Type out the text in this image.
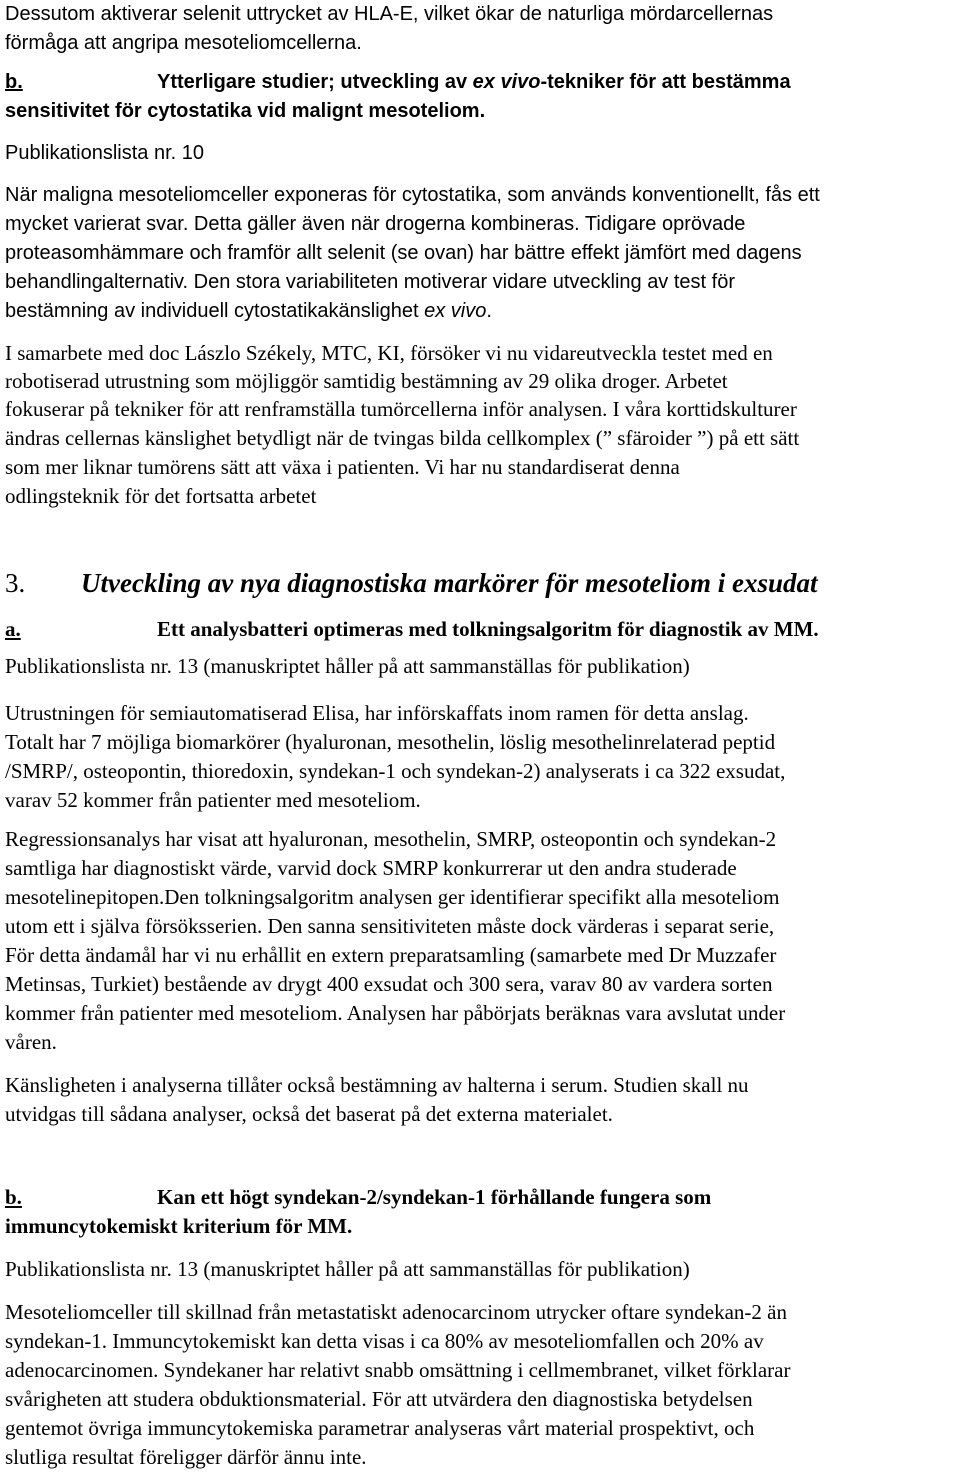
Dessutom aktiverar selenit uttrycket av HLA-E, vilket ökar de naturliga mördarcellernas
förmåga att angripa mesoteliomcellerna.
b.	Ytterligare studier; utveckling av ex vivo-tekniker för att bestämma
sensitivitet för cytostatika vid malignt mesoteliom.
Publikationslista nr. 10
När maligna mesoteliomceller exponeras för cytostatika, som används konventionellt, fås ett
mycket varierat svar. Detta gäller även när drogerna kombineras. Tidigare oprövade
proteasomhämmare och framför allt selenit (se ovan) har bättre effekt jämfört med dagens
behandlingalternativ. Den stora variabiliteten motiverar vidare utveckling av test för
bestämning av individuell cytostatikakänslighet ex vivo.
I samarbete med doc Lászlo Székely, MTC, KI, försöker vi nu vidareutveckla testet med en
robotiserad utrustning som möjliggör samtidig bestämning av 29 olika droger. Arbetet
fokuserar på tekniker för att renframställa tumörcellerna inför analysen. I våra korttidskulturer
ändras cellernas känslighet betydligt när de tvingas bilda cellkomplex (” sfäroider ”) på ett sätt
som mer liknar tumörens sätt att växa i patienten. Vi har nu standardiserat denna
odlingsteknik för det fortsatta arbetet
3. Utveckling av nya diagnostiska markörer för mesoteliom i exsudat
a.	Ett analysbatteri optimeras med tolkningsalgoritm för diagnostik av MM.
Publikationslista nr. 13 (manuskriptet håller på att sammanställas för publikation)
Utrustningen för semiautomatiserad Elisa, har införskaffats inom ramen för detta anslag.
Totalt har 7 möjliga biomarkörer (hyaluronan, mesothelin, löslig mesothelinrelaterad peptid
/SMRP/, osteopontin, thioredoxin, syndekan-1 och syndekan-2) analyserats i ca 322 exsudat,
varav 52 kommer från patienter med mesoteliom.
Regressionsanalys har visat att hyaluronan, mesothelin, SMRP, osteopontin och syndekan-2
samtliga har diagnostiskt värde, varvid dock SMRP konkurrerar ut den andra studerade
mesotelinepitopen.Den tolkningsalgoritm analysen ger identifierar specifikt alla mesoteliom
utom ett i själva försöksserien. Den sanna sensitiviteten måste dock värderas i separat serie,
För detta ändamål har vi nu erhållit en extern preparatsamling (samarbete med Dr Muzzafer
Metinsas, Turkiet) bestående av drygt 400 exsudat och 300 sera, varav 80 av vardera sorten
kommer från patienter med mesoteliom. Analysen har påbörjats beräknas vara avslutat under
våren.
Känsligheten i analyserna tillåter också bestämning av halterna i serum. Studien skall nu
utvidgas till sådana analyser, också det baserat på det externa materialet.
b.	Kan ett högt syndekan-2/syndekan-1 förhållande fungera som
immuncytokemiskt kriterium för MM.
Publikationslista nr. 13 (manuskriptet håller på att sammanställas för publikation)
Mesoteliomceller till skillnad från metastatiskt adenocarcinom utrycker oftare syndekan-2 än
syndekan-1. Immuncytokemiskt kan detta visas i ca 80% av mesoteliomfallen och 20% av
adenocarcinomen. Syndekaner har relativt snabb omsättning i cellmembranet, vilket förklarar
svårigheten att studera obduktionsmaterial. För att utvärdera den diagnostiska betydelsen
gentemot övriga immuncytokemiska parametrar analyseras vårt material prospektivt, och
slutliga resultat föreligger därför ännu inte.
